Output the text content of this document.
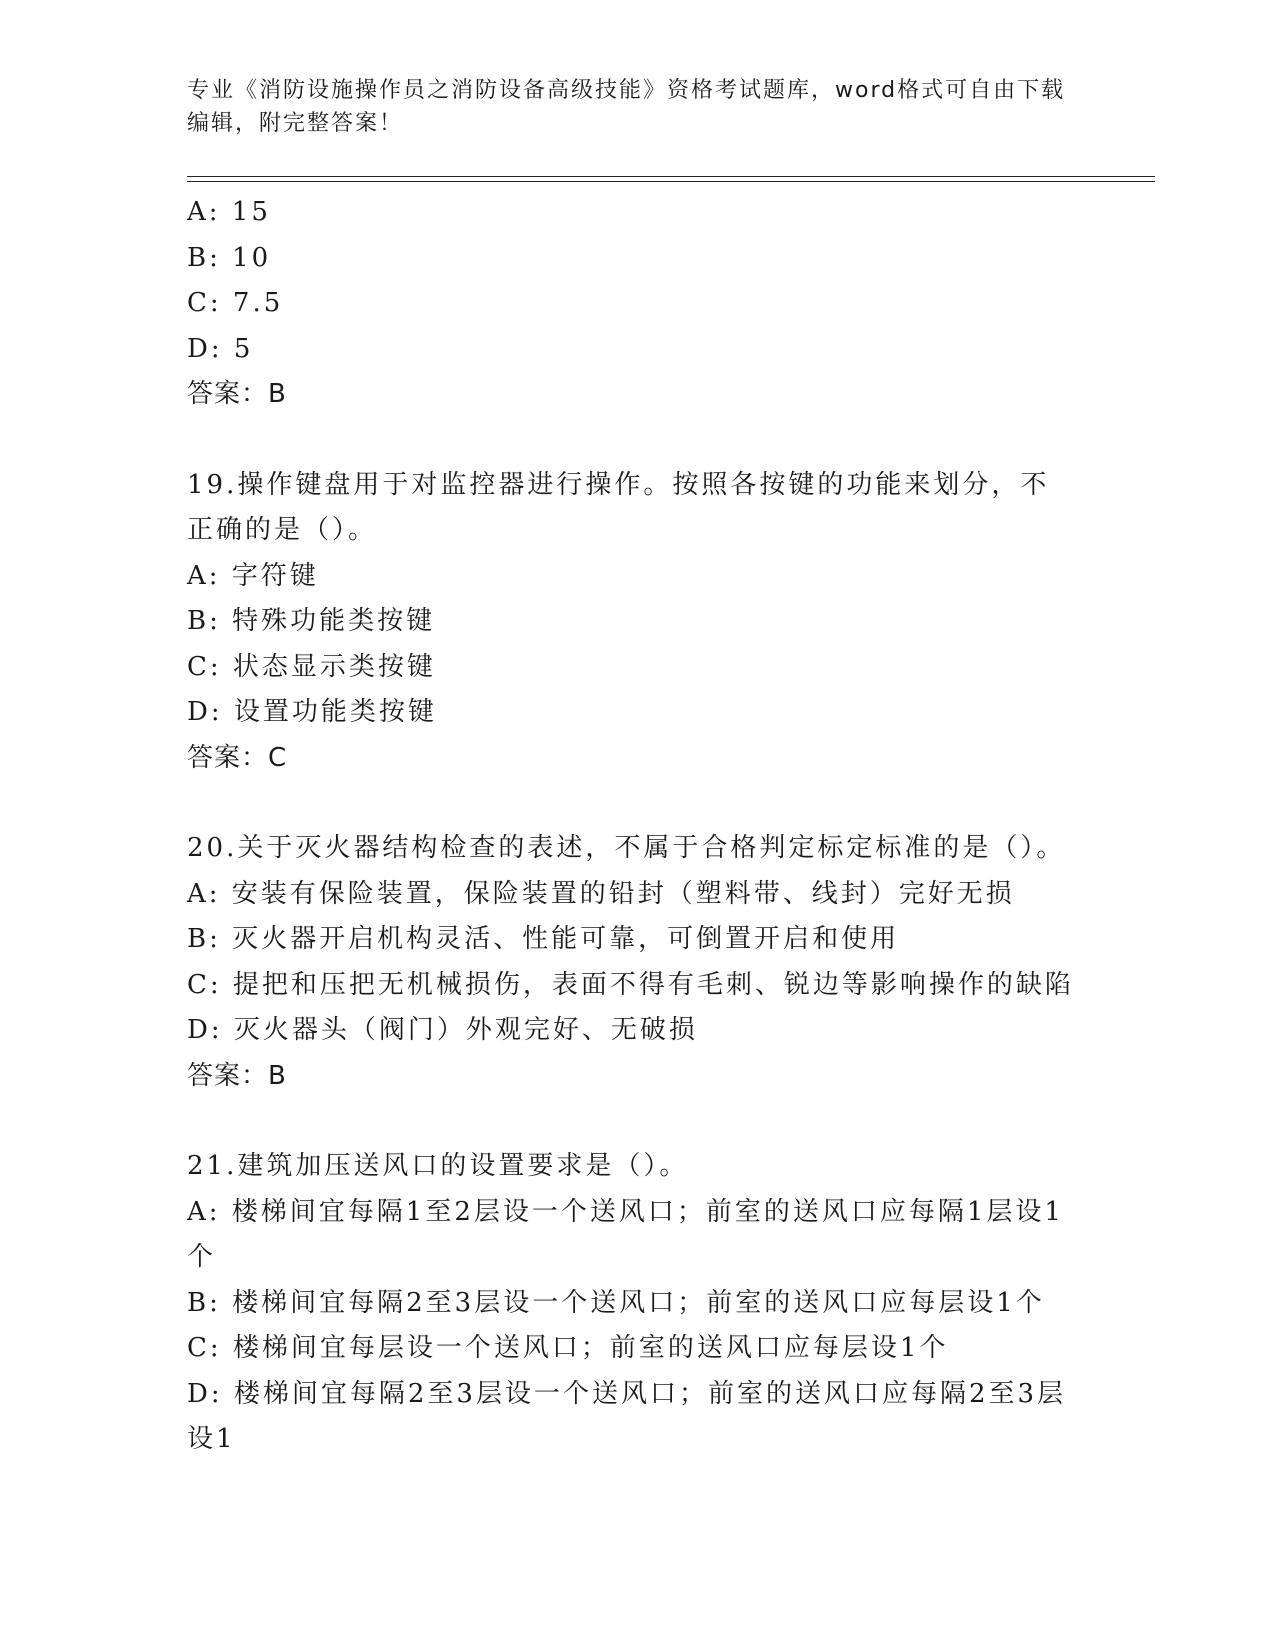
专业《消防设施操作员之消防设备高级技能》资格考试题库，word格式可自由下载编辑，附完整答案！
A: 15
B: 10
C: 7.5
D: 5
答案：B
19.操作键盘用于对监控器进行操作。按照各按键的功能来划分，不正确的是（）。
A: 字符键
B: 特殊功能类按键
C: 状态显示类按键
D: 设置功能类按键
答案：C
20.关于灭火器结构检查的表述，不属于合格判定标定标准的是（）。
A: 安装有保险装置，保险装置的铅封（塑料带、线封）完好无损
B: 灭火器开启机构灵活、性能可靠，可倒置开启和使用
C: 提把和压把无机械损伤，表面不得有毛刺、锐边等影响操作的缺陷
D: 灭火器头（阀门）外观完好、无破损
答案：B
21.建筑加压送风口的设置要求是（）。
A: 楼梯间宜每隔1至2层设一个送风口；前室的送风口应每隔1层设1个
B: 楼梯间宜每隔2至3层设一个送风口；前室的送风口应每层设1个
C: 楼梯间宜每层设一个送风口；前室的送风口应每层设1个
D: 楼梯间宜每隔2至3层设一个送风口；前室的送风口应每隔2至3层设1
